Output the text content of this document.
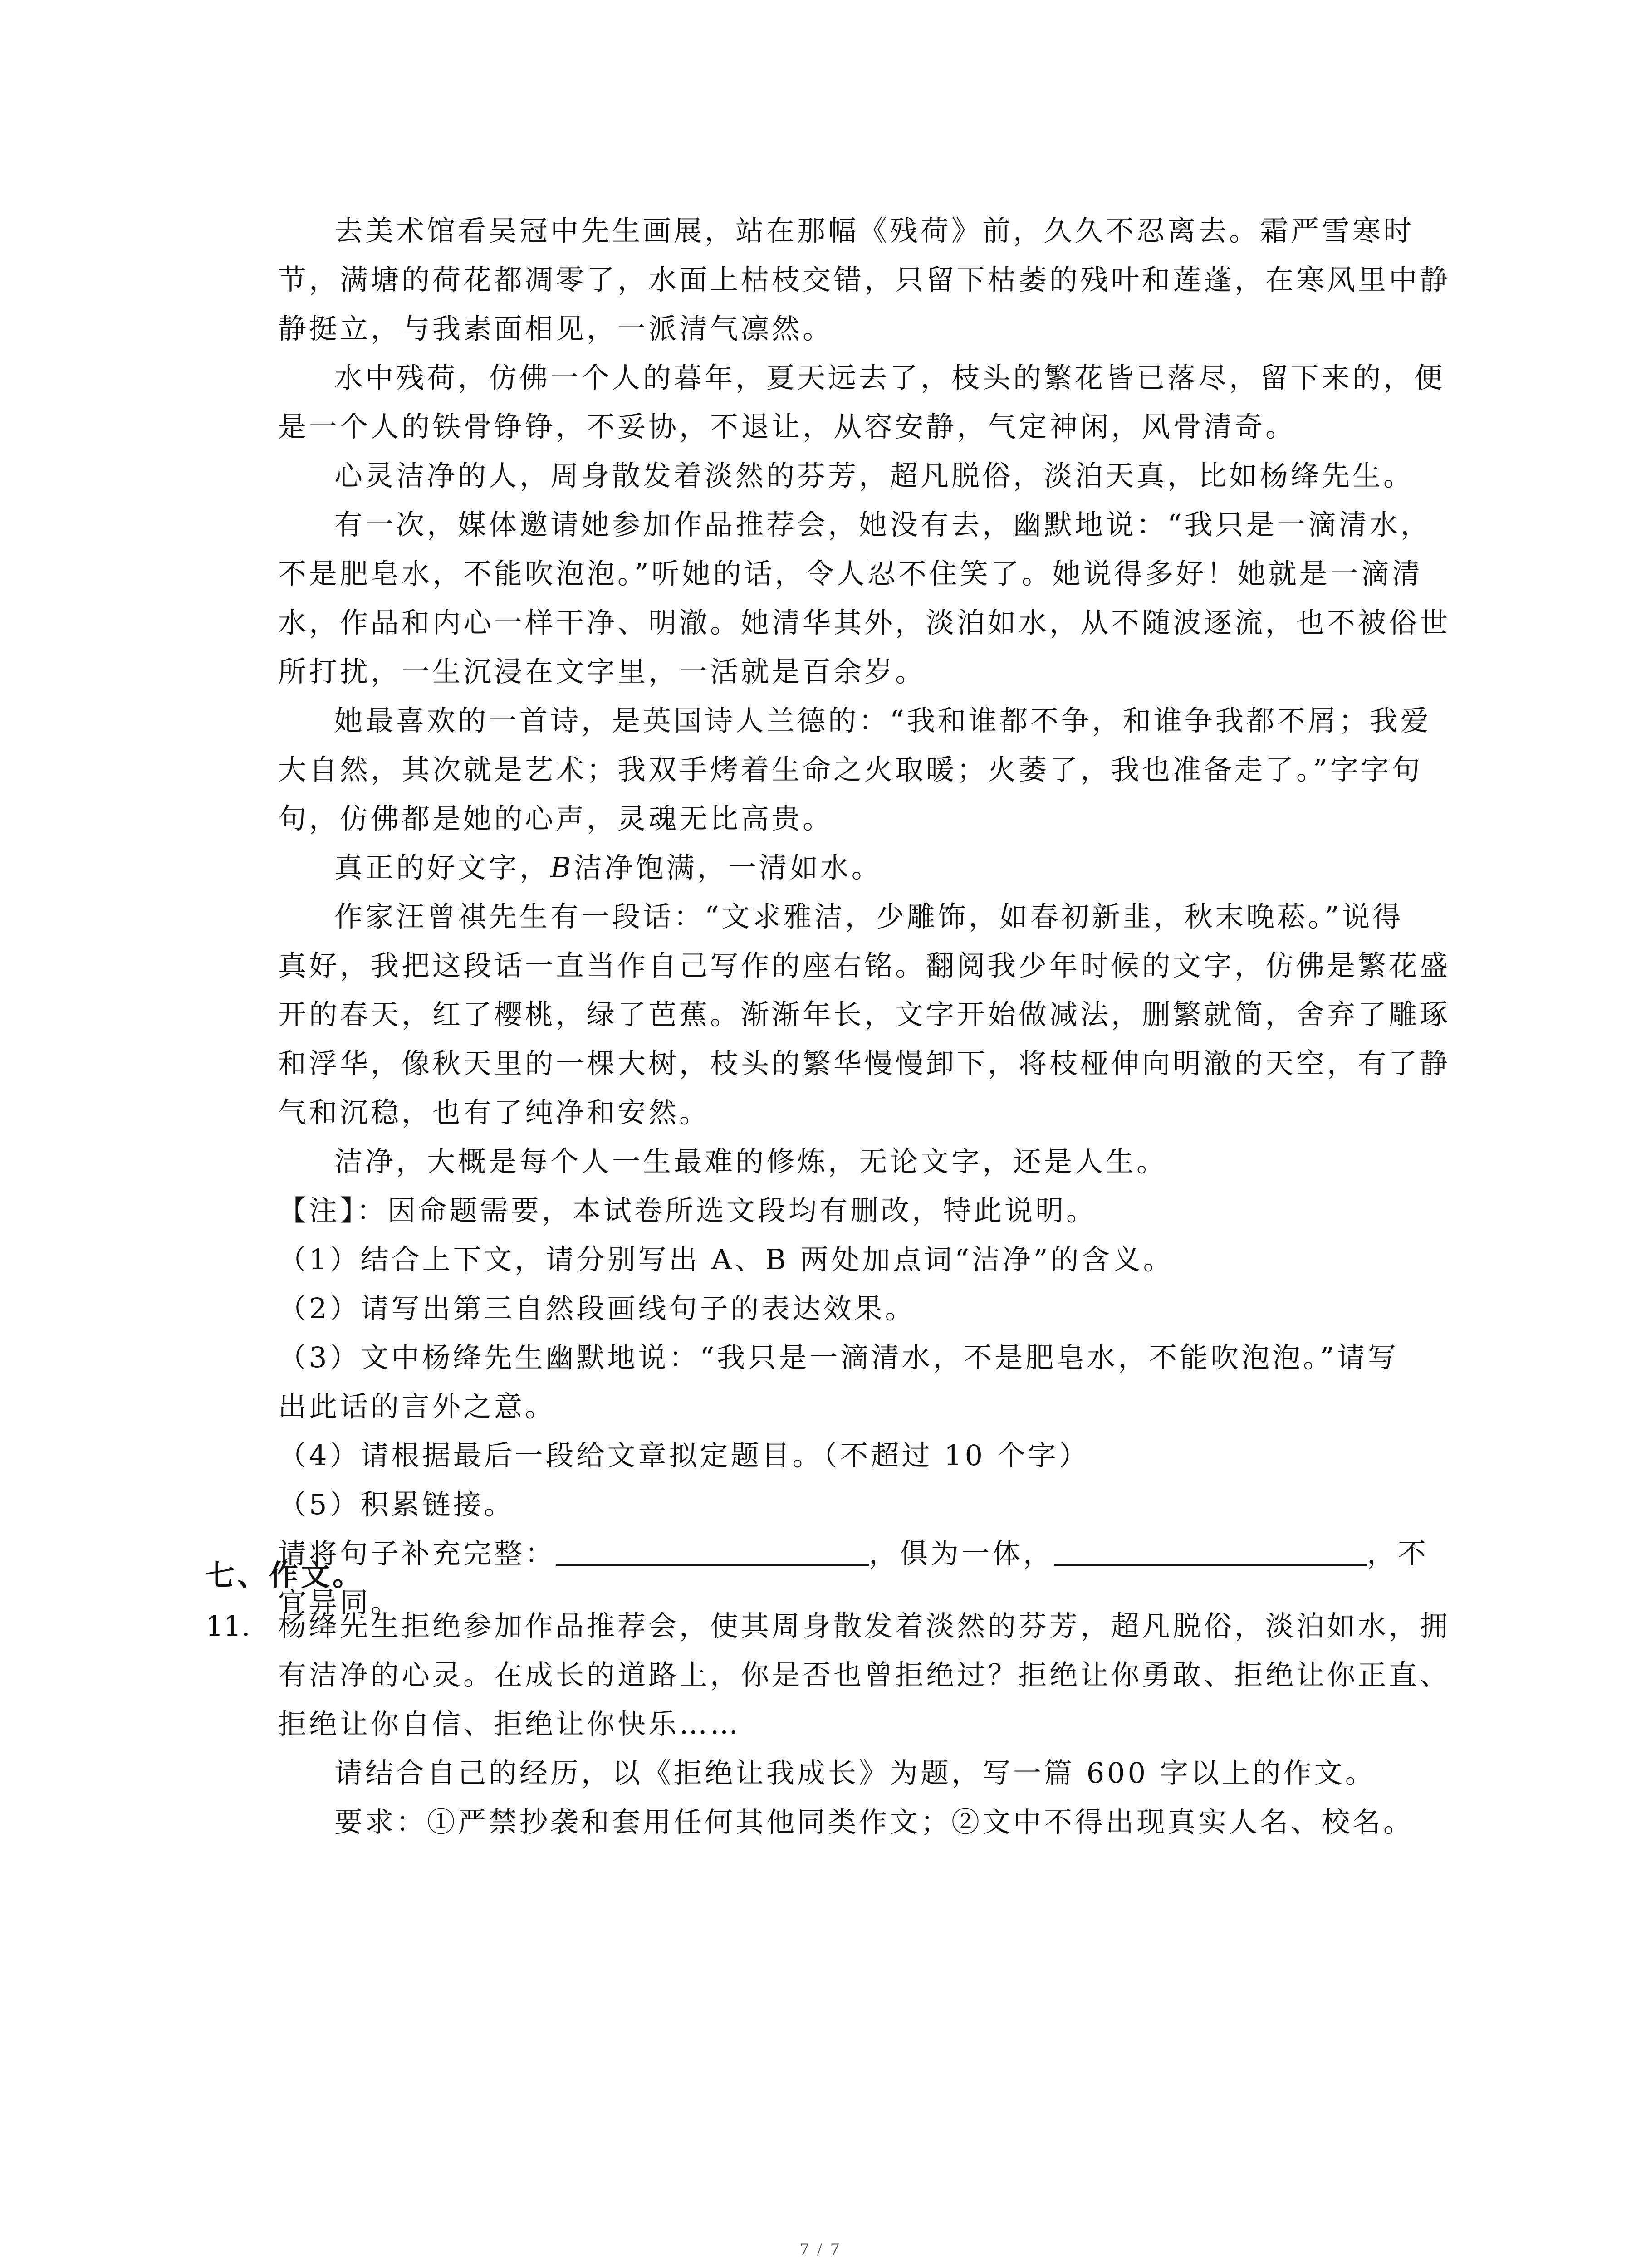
去美术馆看吴冠中先生画展，站在那幅《残荷》前，久久不忍离去。霜严雪寒时
节，满塘的荷花都凋零了，水面上枯枝交错，只留下枯萎的残叶和莲蓬，在寒风里中静
静挺立，与我素面相见，一派清气凛然。
水中残荷，仿佛一个人的暮年，夏天远去了，枝头的繁花皆已落尽，留下来的，便
是一个人的铁骨铮铮，不妥协，不退让，从容安静，气定神闲，风骨清奇。
心灵洁净的人，周身散发着淡然的芬芳，超凡脱俗，淡泊天真，比如杨绛先生。
有一次，媒体邀请她参加作品推荐会，她没有去，幽默地说：“我只是一滴清水，
不是肥皂水，不能吹泡泡。”听她的话，令人忍不住笑了。她说得多好！她就是一滴清
水，作品和内心一样干净、明澈。她清华其外，淡泊如水，从不随波逐流，也不被俗世
所打扰，一生沉浸在文字里，一活就是百余岁。
她最喜欢的一首诗，是英国诗人兰德的：“我和谁都不争，和谁争我都不屑；我爱
大自然，其次就是艺术；我双手烤着生命之火取暖；火萎了，我也准备走了。”字字句
句，仿佛都是她的心声，灵魂无比高贵。
真正的好文字，B洁净饱满，一清如水。
作家汪曾祺先生有一段话：“文求雅洁，少雕饰，如春初新韭，秋末晚菘。”说得
真好，我把这段话一直当作自己写作的座右铭。翻阅我少年时候的文字，仿佛是繁花盛
开的春天，红了樱桃，绿了芭蕉。渐渐年长，文字开始做减法，删繁就简，舍弃了雕琢
和浮华，像秋天里的一棵大树，枝头的繁华慢慢卸下，将枝桠伸向明澈的天空，有了静
气和沉稳，也有了纯净和安然。
洁净，大概是每个人一生最难的修炼，无论文字，还是人生。
【注】：因命题需要，本试卷所选文段均有删改，特此说明。
（1）结合上下文，请分别写出 A、B 两处加点词“洁净”的含义。
（2）请写出第三自然段画线句子的表达效果。
（3）文中杨绛先生幽默地说：“我只是一滴清水，不是肥皂水，不能吹泡泡。”请写
出此话的言外之意。
（4）请根据最后一段给文章拟定题目。（不超过 10 个字）
（5）积累链接。
请将句子补充完整：	，俱为一体，	，不
宜异同。
七、作文。
11. 杨绛先生拒绝参加作品推荐会，使其周身散发着淡然的芬芳，超凡脱俗，淡泊如水，拥
有洁净的心灵。在成长的道路上，你是否也曾拒绝过？拒绝让你勇敢、拒绝让你正直、
拒绝让你自信、拒绝让你快乐……
请结合自己的经历，以《拒绝让我成长》为题，写一篇 600 字以上的作文。
要求：①严禁抄袭和套用任何其他同类作文；②文中不得出现真实人名、校名。
7 / 7
